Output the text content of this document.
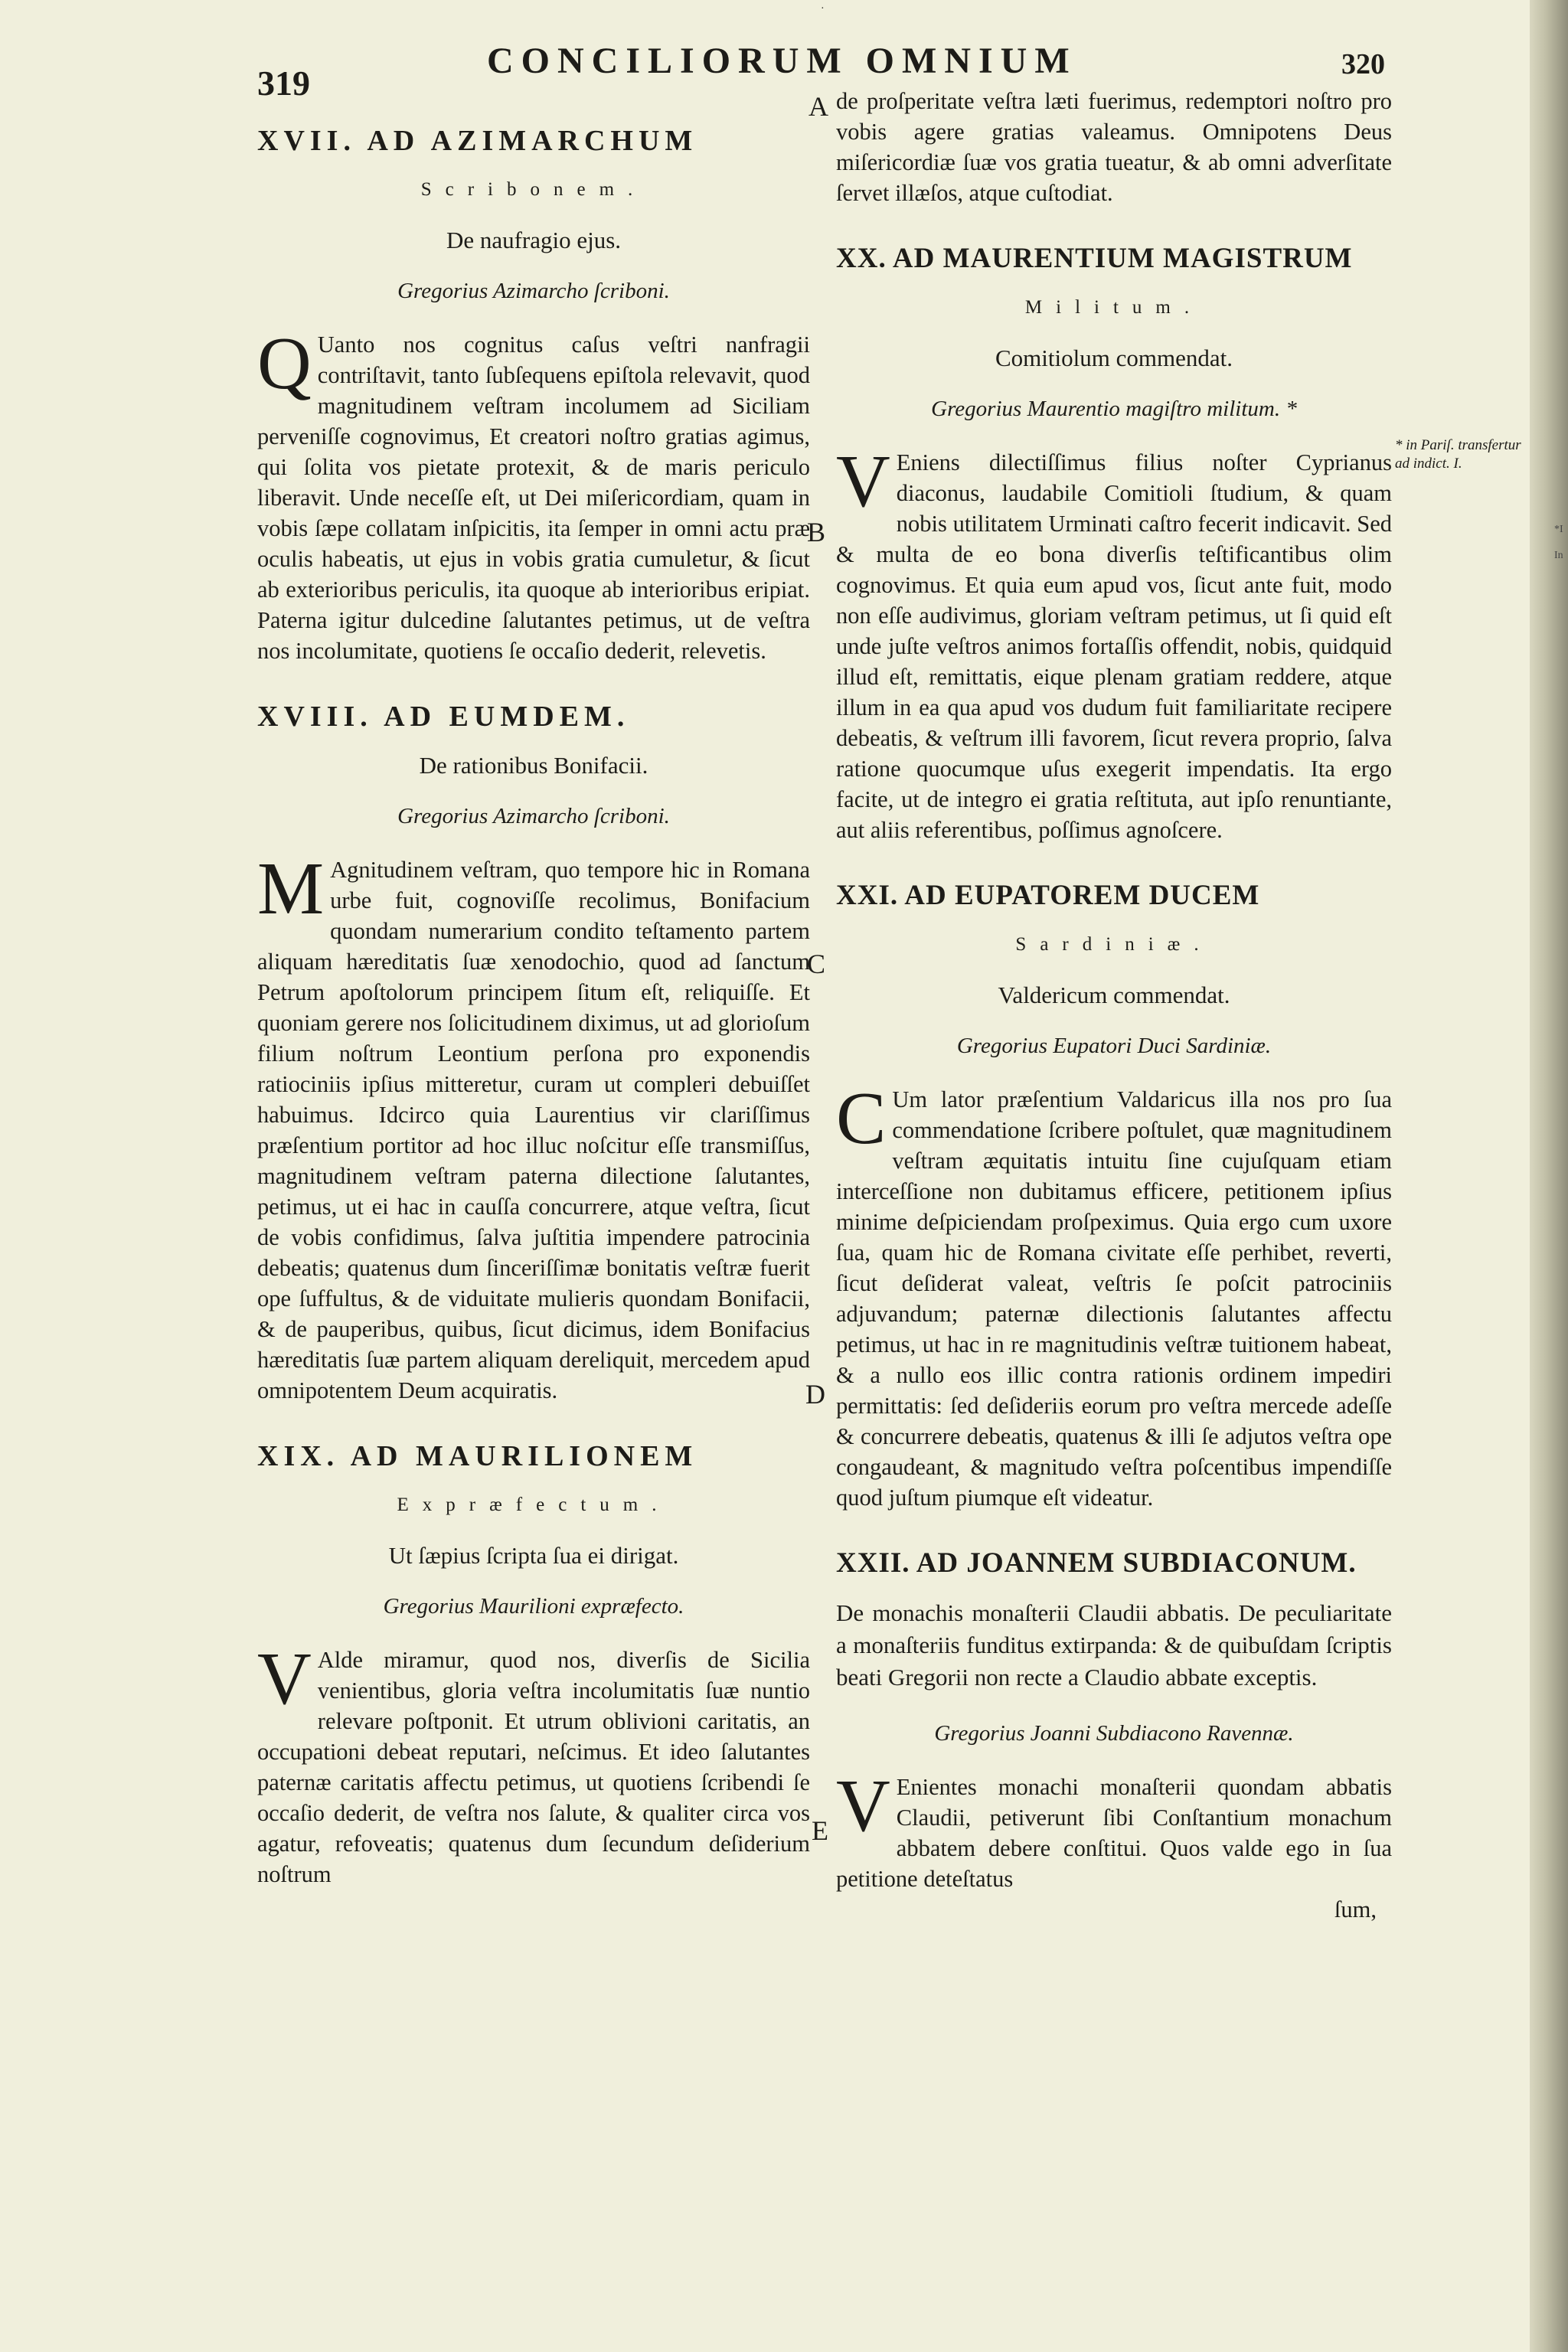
·
319
CONCILIORUM OMNIUM	320
XVII. AD AZIMARCHUM
Scribonem.
De naufragio ejus.
Gregorius Azimarcho ſcriboni.

QUanto nos cognitus caſus veſtri nanfragii contriſtavit, tanto ſubſequens epiſtola relevavit, quod magnitudinem veſtram incolumem ad Siciliam perveniſſe cognovimus, Et creatori noſtro gratias agimus, qui ſolita vos pietate protexit, & de maris periculo liberavit. Unde neceſſe eſt, ut Dei miſericordiam, quam in vobis ſæpe collatam inſpicitis, ita ſemper in omni actu præ oculis habeatis, ut ejus in vobis gratia cumuletur, & ſicut ab exterioribus periculis, ita quoque ab interioribus eripiat. Paterna igitur dulcedine ſalutantes petimus, ut de veſtra nos incolumitate, quotiens ſe occaſio dederit, relevetis.

XVIII. AD EUMDEM.
De rationibus Bonifacii.
Gregorius Azimarcho ſcriboni.

MAgnitudinem veſtram, quo tempore hic in Romana urbe fuit, cognoviſſe recolimus, Bonifacium quondam numerarium condito teſtamento partem aliquam hæreditatis ſuæ xenodochio, quod ad ſanctum Petrum apoſtolorum principem ſitum eſt, reliquiſſe. Et quoniam gerere nos ſolicitudinem diximus, ut ad glorioſum filium noſtrum Leontium perſona pro exponendis ratiociniis ipſius mitteretur, curam ut compleri debuiſſet habuimus. Idcirco quia Laurentius vir clariſſimus præſentium portitor ad hoc illuc noſcitur eſſe transmiſſus, magnitudinem veſtram paterna dilectione ſalutantes, petimus, ut ei hac in cauſſa concurrere, atque veſtra, ſicut de vobis confidimus, ſalva juſtitia impendere patrocinia debeatis; quatenus dum ſinceriſſimæ bonitatis veſtræ fuerit ope ſuffultus, & de viduitate mulieris quondam Bonifacii, & de pauperibus, quibus, ſicut dicimus, idem Bonifacius hæreditatis ſuæ partem aliquam dereliquit, mercedem apud omnipotentem Deum acquiratis.

XIX. AD MAURILIONEM
Exprӕfectum.
Ut ſæpius ſcripta ſua ei dirigat.
Gregorius Maurilioni expræfecto.

VAlde miramur, quod nos, diverſis de Sicilia venientibus, gloria veſtra incolumitatis ſuæ nuntio relevare poſtponit. Et utrum oblivioni caritatis, an occupationi debeat reputari, neſcimus. Et ideo ſalutantes paternæ caritatis affectu petimus, ut quotiens ſcribendi ſe occaſio dederit, de veſtra nos ſalute, & qualiter circa vos agatur, refoveatis; quatenus dum ſecundum deſiderium noſtrum

A
B
C
D
E

de proſperitate veſtra læti fuerimus, redemptori noſtro pro vobis agere gratias valeamus. Omnipotens Deus miſericordiæ ſuæ vos gratia tueatur, & ab omni adverſitate ſervet illæſos, atque cuſtodiat.

XX. AD MAURENTIUM MAGISTRUM
Militum.
Comitiolum commendat.
Gregorius Maurentio magiſtro militum. *

VEniens dilectiſſimus filius noſter Cyprianus diaconus, laudabile Comitioli ſtudium, & quam nobis utilitatem Urminati caſtro fecerit indicavit. Sed & multa de eo bona diverſis teſtificantibus olim cognovimus. Et quia eum apud vos, ſicut ante fuit, modo non eſſe audivimus, gloriam veſtram petimus, ut ſi quid eſt unde juſte veſtros animos fortaſſis offendit, nobis, quidquid illud eſt, remittatis, eique plenam gratiam reddere, atque illum in ea qua apud vos dudum fuit familiaritate recipere debeatis, & veſtrum illi favorem, ſicut revera proprio, ſalva ratione quocumque uſus exegerit impendatis. Ita ergo facite, ut de integro ei gratia reſtituta, aut ipſo renuntiante, aut aliis referentibus, poſſimus agnoſcere.

XXI. AD EUPATOREM DUCEM
Sardiniӕ.
Valdericum commendat.
Gregorius Eupatori Duci Sardiniæ.

CUm lator præſentium Valdaricus illa nos pro ſua commendatione ſcribere poſtulet, quæ magnitudinem veſtram æquitatis intuitu ſine cujuſquam etiam interceſſione non dubitamus efficere, petitionem ipſius minime deſpiciendam proſpeximus. Quia ergo cum uxore ſua, quam hic de Romana civitate eſſe perhibet, reverti, ſicut deſiderat valeat, veſtris ſe poſcit patrociniis adjuvandum; paternæ dilectionis ſalutantes affectu petimus, ut hac in re magnitudinis veſtræ tuitionem habeat, & a nullo eos illic contra rationis ordinem impediri permittatis: ſed deſideriis eorum pro veſtra mercede adeſſe & concurrere debeatis, quatenus & illi ſe adjutos veſtra ope congaudeant, & magnitudo veſtra poſcentibus impendiſſe quod juſtum piumque eſt videatur.

XXII. AD JOANNEM SUBDIACONUM.
De monachis monaſterii Claudii abbatis. De peculiaritate a monaſteriis funditus extirpanda: & de quibuſdam ſcriptis beati Gregorii non recte a Claudio abbate exceptis.
Gregorius Joanni Subdiacono Ravennæ.

VEnientes monachi monaſterii quondam abbatis Claudii, petiverunt ſibi Conſtantium monachum abbatem debere conſtitui. Quos valde ego in ſua petitione deteſtatus

ſum,
* in Pariſ. transfertur ad indict. I.
*I
In
